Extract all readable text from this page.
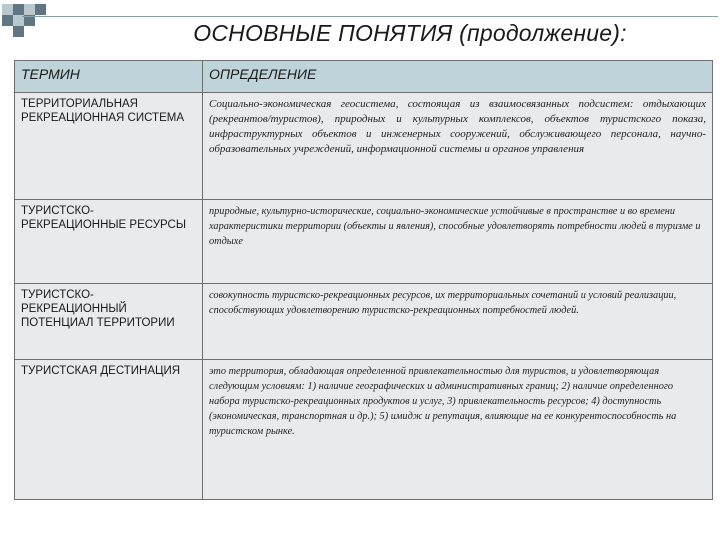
ОСНОВНЫЕ ПОНЯТИЯ (продолжение):
ТЕРМИН	ОПРЕДЕЛЕНИЕ
ТЕРРИТОРИАЛЬНАЯ РЕКРЕАЦИОННАЯ СИСТЕМА	Социально-экономическая геосистема, состоящая из взаимосвязанных подсистем: отдыхающих (рекреантов/туристов), природных и культурных комплексов, объектов туристского показа, инфраструктурных объектов и инженерных сооружений, обслуживающего персонала, научно-образовательных учреждений, информационной системы и органов управления
ТУРИСТСКО-РЕКРЕАЦИОННЫЕ РЕСУРСЫ	природные, культурно-исторические, социально-экономические устойчивые в пространстве и во времени характеристики территории (объекты и явления), способные удовлетворять потребности людей в туризме и отдыхе
ТУРИСТСКО-РЕКРЕАЦИОННЫЙ ПОТЕНЦИАЛ ТЕРРИТОРИИ	совокупность туристско-рекреационных ресурсов, их территориальных сочетаний и условий реализации, способствующих удовлетворению туристско-рекреационных потребностей людей.
ТУРИСТСКАЯ ДЕСТИНАЦИЯ	это территория, обладающая определенной привлекательностью для туристов, и удовлетворяющая следующим условиям: 1) наличие географических и административных границ; 2) наличие определенного набора туристско-рекреационных продуктов и услуг, 3) привлекательность ресурсов; 4) доступность (экономическая, транспортная и др.); 5) имидж и репутация, влияющие на ее конкурентоспособность на туристском рынке.
